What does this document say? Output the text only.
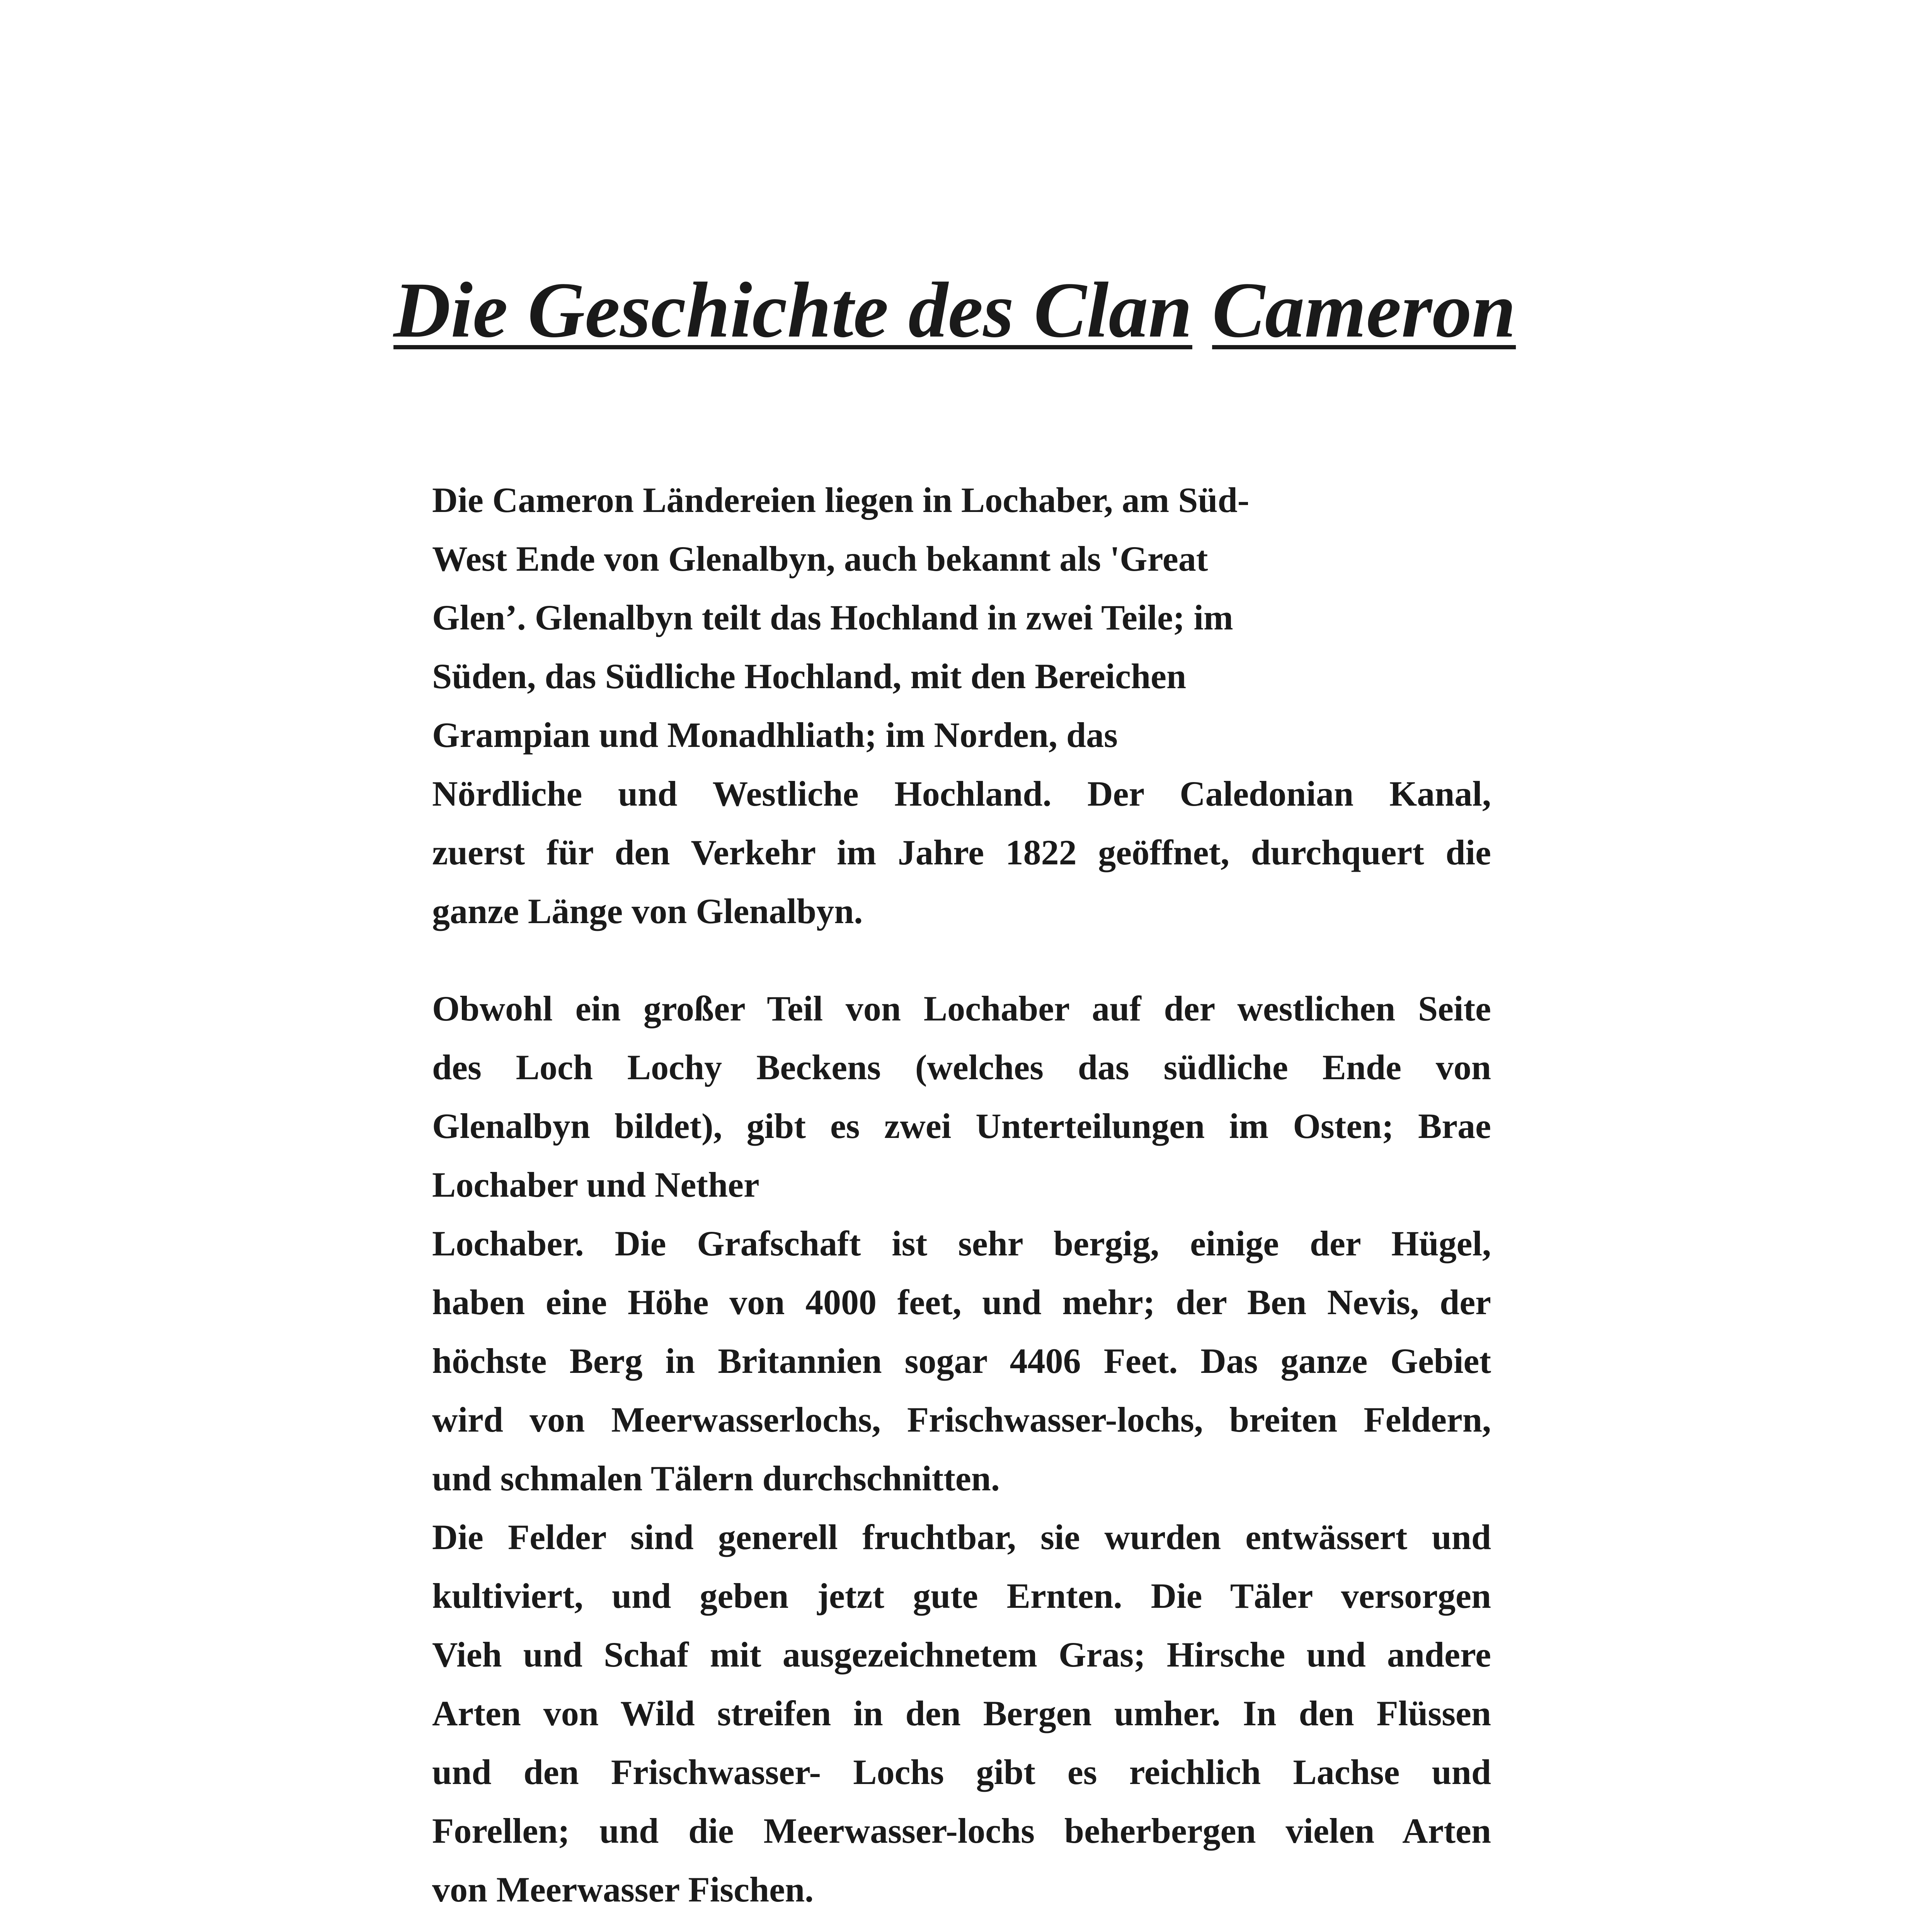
Die Geschichte des Clan Cameron
Die Cameron Ländereien liegen in Lochaber, am Süd-
West Ende von Glenalbyn, auch bekannt als 'Great
Glen’. Glenalbyn teilt das Hochland in zwei Teile; im
Süden, das Südliche Hochland, mit den Bereichen
Grampian und Monadhliath; im Norden, das
Nördliche und Westliche Hochland. Der Caledonian Kanal,
zuerst für den Verkehr im Jahre 1822 geöffnet, durchquert die
ganze Länge von Glenalbyn.
Obwohl ein großer Teil von Lochaber auf der westlichen Seite
des Loch Lochy Beckens (welches das südliche Ende von
Glenalbyn bildet), gibt es zwei Unterteilungen im Osten; Brae
Lochaber und Nether
Lochaber. Die Grafschaft ist sehr bergig, einige der Hügel,
haben eine Höhe von 4000 feet, und mehr; der Ben Nevis, der
höchste Berg in Britannien sogar 4406 Feet. Das ganze Gebiet
wird von Meerwasserlochs, Frischwasser-lochs, breiten Feldern,
und schmalen Tälern durchschnitten.
Die Felder sind generell fruchtbar, sie wurden entwässert und
kultiviert, und geben jetzt gute Ernten. Die Täler versorgen
Vieh und Schaf mit ausgezeichnetem Gras; Hirsche und andere
Arten von Wild streifen in den Bergen umher. In den Flüssen
und den Frischwasser- Lochs gibt es reichlich Lachse und
Forellen; und die Meerwasser-lochs beherbergen vielen Arten
von Meerwasser Fischen.
